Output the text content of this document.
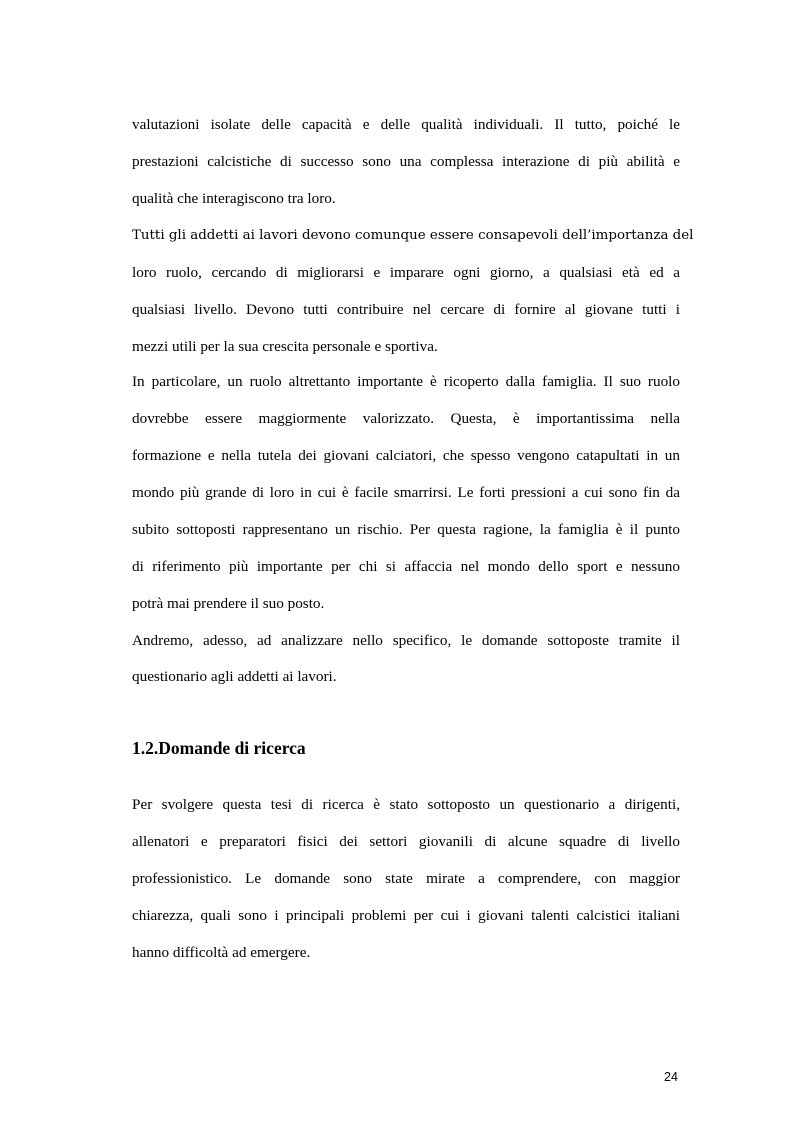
valutazioni isolate delle capacità e delle qualità individuali. Il tutto, poiché le
prestazioni calcistiche di successo sono una complessa interazione di più abilità e
qualità che interagiscono tra loro.
Tutti gli addetti ai lavori devono comunque essere consapevoli dell’importanza del
loro ruolo, cercando di migliorarsi e imparare ogni giorno, a qualsiasi età ed a
qualsiasi livello. Devono tutti contribuire nel cercare di fornire al giovane tutti i
mezzi utili per la sua crescita personale e sportiva.
In particolare, un ruolo altrettanto importante è ricoperto dalla famiglia. Il suo ruolo
dovrebbe essere maggiormente valorizzato. Questa, è importantissima nella
formazione e nella tutela dei giovani calciatori, che spesso vengono catapultati in un
mondo più grande di loro in cui è facile smarrirsi. Le forti pressioni a cui sono fin da
subito sottoposti rappresentano un rischio. Per questa ragione, la famiglia è il punto
di riferimento più importante per chi si affaccia nel mondo dello sport e nessuno
potrà mai prendere il suo posto.
Andremo, adesso, ad analizzare nello specifico, le domande sottoposte tramite il
questionario agli addetti ai lavori.
1.2.Domande di ricerca
Per svolgere questa tesi di ricerca è stato sottoposto un questionario a dirigenti,
allenatori e preparatori fisici dei settori giovanili di alcune squadre di livello
professionistico. Le domande sono state mirate a comprendere, con maggior
chiarezza, quali sono i principali problemi per cui i giovani talenti calcistici italiani
hanno difficoltà ad emergere.
24
